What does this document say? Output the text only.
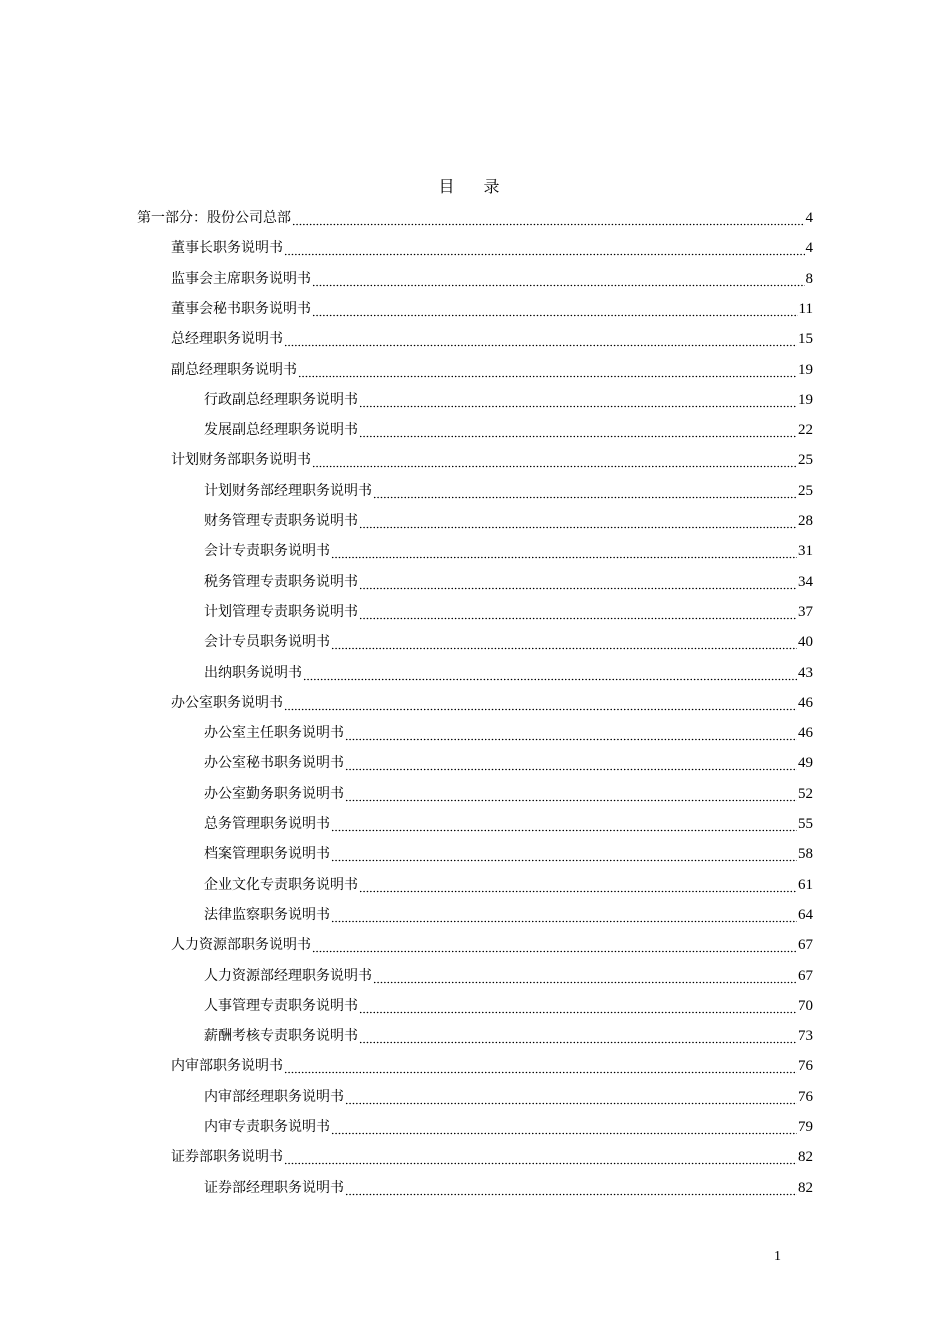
目 录
第一部分：股份公司总部	4
董事长职务说明书	4
监事会主席职务说明书	8
董事会秘书职务说明书	11
总经理职务说明书	15
副总经理职务说明书	19
行政副总经理职务说明书	19
发展副总经理职务说明书	22
计划财务部职务说明书	25
计划财务部经理职务说明书	25
财务管理专责职务说明书	28
会计专责职务说明书	31
税务管理专责职务说明书	34
计划管理专责职务说明书	37
会计专员职务说明书	40
出纳职务说明书	43
办公室职务说明书	46
办公室主任职务说明书	46
办公室秘书职务说明书	49
办公室勤务职务说明书	52
总务管理职务说明书	55
档案管理职务说明书	58
企业文化专责职务说明书	61
法律监察职务说明书	64
人力资源部职务说明书	67
人力资源部经理职务说明书	67
人事管理专责职务说明书	70
薪酬考核专责职务说明书	73
内审部职务说明书	76
内审部经理职务说明书	76
内审专责职务说明书	79
证券部职务说明书	82
证券部经理职务说明书	82
1
